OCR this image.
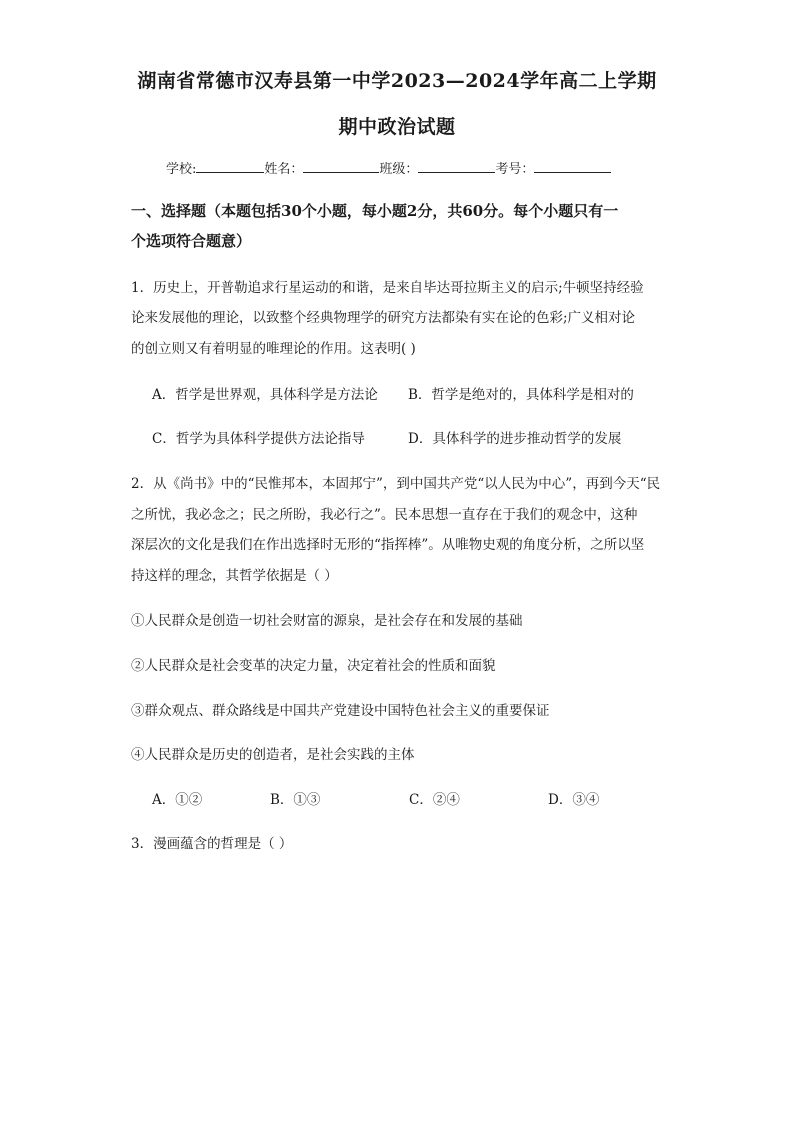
湖南省常德市汉寿县第一中学2023—2024学年高二上学期
期中政治试题
学校:	姓名：	班级：	考号：
一、选择题（本题包括30个小题，每小题2分，共60分。每个小题只有一
个选项符合题意）
1．历史上，开普勒追求行星运动的和谐，是来自毕达哥拉斯主义的启示;牛顿坚持经验
论来发展他的理论，以致整个经典物理学的研究方法都染有实在论的色彩;广义相对论
的创立则又有着明显的唯理论的作用。这表明( )
A．哲学是世界观，具体科学是方法论 B．哲学是绝对的，具体科学是相对的
C．哲学为具体科学提供方法论指导	D．具体科学的进步推动哲学的发展
2．从《尚书》中的“民惟邦本，本固邦宁”，到中国共产党“以人民为中心”，再到今天“民
之所忧，我必念之；民之所盼，我必行之”。民本思想一直存在于我们的观念中，这种
深层次的文化是我们在作出选择时无形的“指挥棒”。从唯物史观的角度分析，之所以坚
持这样的理念，其哲学依据是（ ）
①人民群众是创造一切社会财富的源泉，是社会存在和发展的基础
②人民群众是社会变革的决定力量，决定着社会的性质和面貌
③群众观点、群众路线是中国共产党建设中国特色社会主义的重要保证
④人民群众是历史的创造者，是社会实践的主体
A．①②	B．①③	C．②④	D．③④
3．漫画蕴含的哲理是（ ）
